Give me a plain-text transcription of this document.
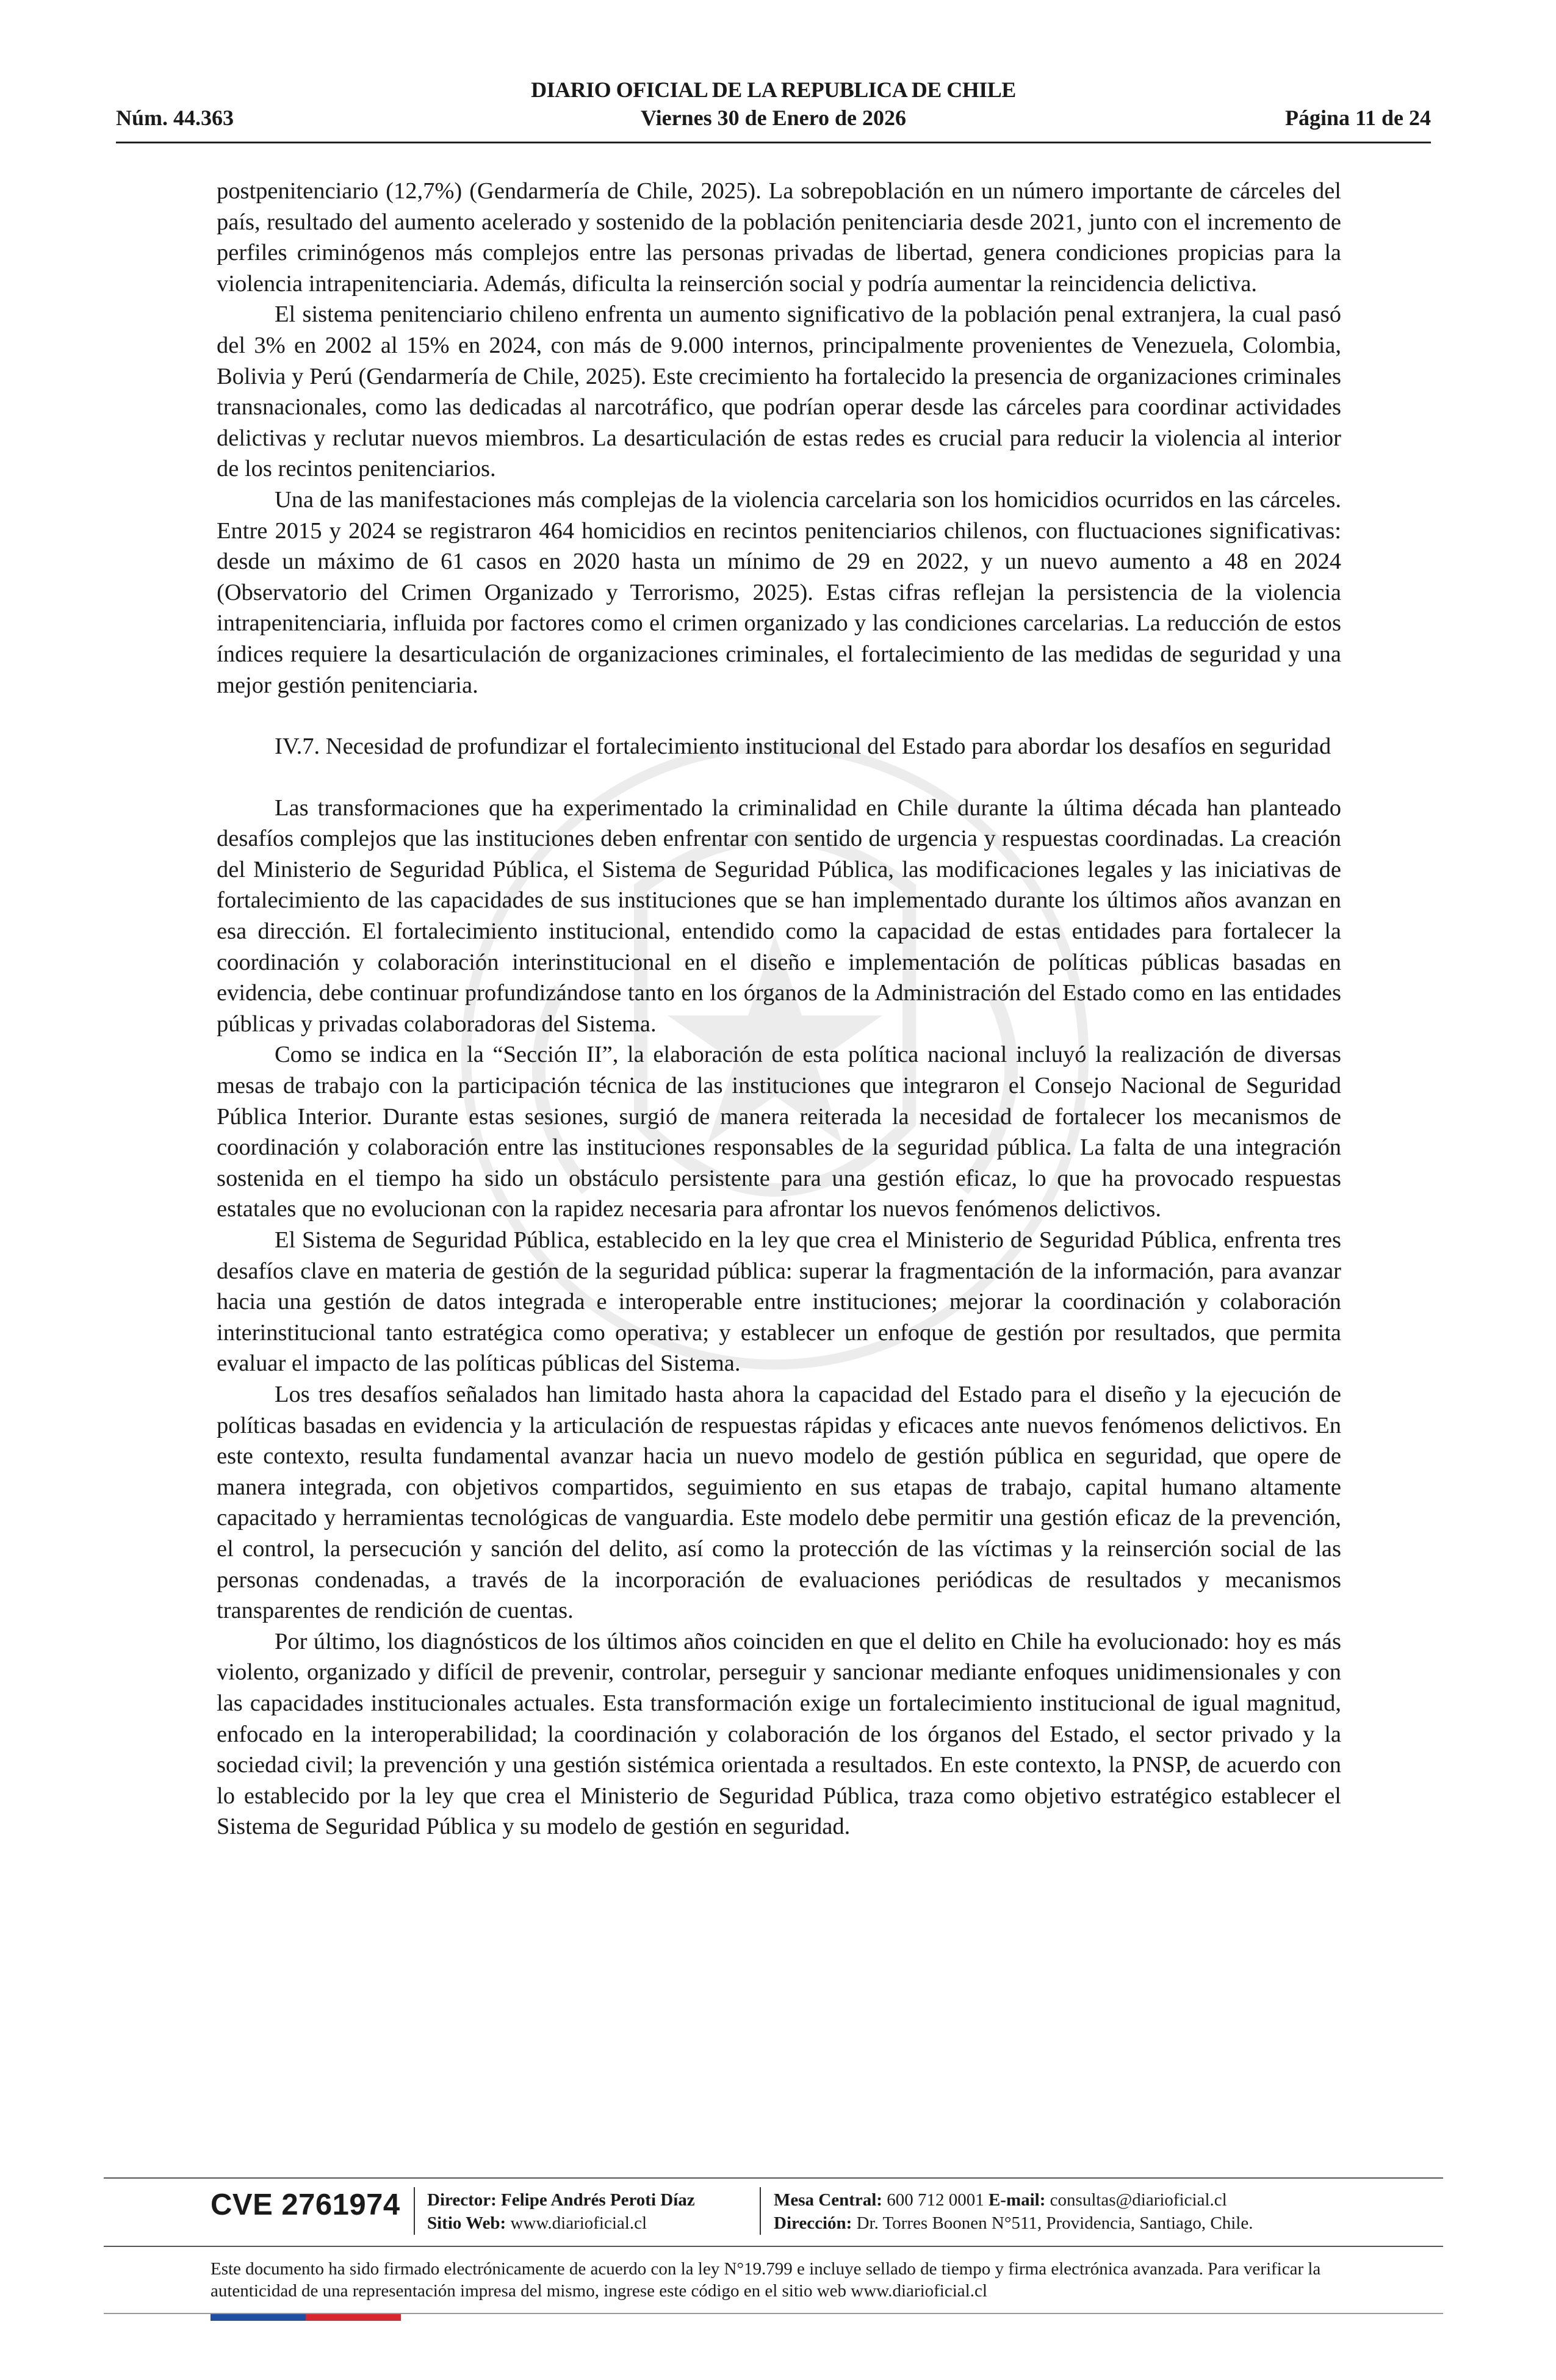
DIARIO OFICIAL DE LA REPUBLICA DE CHILE
Núm. 44.363	Viernes 30 de Enero de 2026	Página 11 de 24

postpenitenciario (12,7%) (Gendarmería de Chile, 2025). La sobrepoblación en un número importante de cárceles del país, resultado del aumento acelerado y sostenido de la población penitenciaria desde 2021, junto con el incremento de perfiles criminógenos más complejos entre las personas privadas de libertad, genera condiciones propicias para la violencia intrapenitenciaria. Además, dificulta la reinserción social y podría aumentar la reincidencia delictiva.

El sistema penitenciario chileno enfrenta un aumento significativo de la población penal extranjera, la cual pasó del 3% en 2002 al 15% en 2024, con más de 9.000 internos, principalmente provenientes de Venezuela, Colombia, Bolivia y Perú (Gendarmería de Chile, 2025). Este crecimiento ha fortalecido la presencia de organizaciones criminales transnacionales, como las dedicadas al narcotráfico, que podrían operar desde las cárceles para coordinar actividades delictivas y reclutar nuevos miembros. La desarticulación de estas redes es crucial para reducir la violencia al interior de los recintos penitenciarios.

Una de las manifestaciones más complejas de la violencia carcelaria son los homicidios ocurridos en las cárceles. Entre 2015 y 2024 se registraron 464 homicidios en recintos penitenciarios chilenos, con fluctuaciones significativas: desde un máximo de 61 casos en 2020 hasta un mínimo de 29 en 2022, y un nuevo aumento a 48 en 2024 (Observatorio del Crimen Organizado y Terrorismo, 2025). Estas cifras reflejan la persistencia de la violencia intrapenitenciaria, influida por factores como el crimen organizado y las condiciones carcelarias. La reducción de estos índices requiere la desarticulación de organizaciones criminales, el fortalecimiento de las medidas de seguridad y una mejor gestión penitenciaria.

IV.7. Necesidad de profundizar el fortalecimiento institucional del Estado para abordar los desafíos en seguridad

Las transformaciones que ha experimentado la criminalidad en Chile durante la última década han planteado desafíos complejos que las instituciones deben enfrentar con sentido de urgencia y respuestas coordinadas. La creación del Ministerio de Seguridad Pública, el Sistema de Seguridad Pública, las modificaciones legales y las iniciativas de fortalecimiento de las capacidades de sus instituciones que se han implementado durante los últimos años avanzan en esa dirección. El fortalecimiento institucional, entendido como la capacidad de estas entidades para fortalecer la coordinación y colaboración interinstitucional en el diseño e implementación de políticas públicas basadas en evidencia, debe continuar profundizándose tanto en los órganos de la Administración del Estado como en las entidades públicas y privadas colaboradoras del Sistema.

Como se indica en la “Sección II”, la elaboración de esta política nacional incluyó la realización de diversas mesas de trabajo con la participación técnica de las instituciones que integraron el Consejo Nacional de Seguridad Pública Interior. Durante estas sesiones, surgió de manera reiterada la necesidad de fortalecer los mecanismos de coordinación y colaboración entre las instituciones responsables de la seguridad pública. La falta de una integración sostenida en el tiempo ha sido un obstáculo persistente para una gestión eficaz, lo que ha provocado respuestas estatales que no evolucionan con la rapidez necesaria para afrontar los nuevos fenómenos delictivos.

El Sistema de Seguridad Pública, establecido en la ley que crea el Ministerio de Seguridad Pública, enfrenta tres desafíos clave en materia de gestión de la seguridad pública: superar la fragmentación de la información, para avanzar hacia una gestión de datos integrada e interoperable entre instituciones; mejorar la coordinación y colaboración interinstitucional tanto estratégica como operativa; y establecer un enfoque de gestión por resultados, que permita evaluar el impacto de las políticas públicas del Sistema.

Los tres desafíos señalados han limitado hasta ahora la capacidad del Estado para el diseño y la ejecución de políticas basadas en evidencia y la articulación de respuestas rápidas y eficaces ante nuevos fenómenos delictivos. En este contexto, resulta fundamental avanzar hacia un nuevo modelo de gestión pública en seguridad, que opere de manera integrada, con objetivos compartidos, seguimiento en sus etapas de trabajo, capital humano altamente capacitado y herramientas tecnológicas de vanguardia. Este modelo debe permitir una gestión eficaz de la prevención, el control, la persecución y sanción del delito, así como la protección de las víctimas y la reinserción social de las personas condenadas, a través de la incorporación de evaluaciones periódicas de resultados y mecanismos transparentes de rendición de cuentas.

Por último, los diagnósticos de los últimos años coinciden en que el delito en Chile ha evolucionado: hoy es más violento, organizado y difícil de prevenir, controlar, perseguir y sancionar mediante enfoques unidimensionales y con las capacidades institucionales actuales. Esta transformación exige un fortalecimiento institucional de igual magnitud, enfocado en la interoperabilidad; la coordinación y colaboración de los órganos del Estado, el sector privado y la sociedad civil; la prevención y una gestión sistémica orientada a resultados. En este contexto, la PNSP, de acuerdo con lo establecido por la ley que crea el Ministerio de Seguridad Pública, traza como objetivo estratégico establecer el Sistema de Seguridad Pública y su modelo de gestión en seguridad.

CVE 2761974 Director: Felipe Andrés Peroti Díaz
Sitio Web: www.diarioficial.cl
Mesa Central: 600 712 0001 E-mail: consultas@diarioficial.cl
Dirección: Dr. Torres Boonen N°511, Providencia, Santiago, Chile.
Este documento ha sido firmado electrónicamente de acuerdo con la ley N°19.799 e incluye sellado de tiempo y firma electrónica avanzada. Para verificar la autenticidad de una representación impresa del mismo, ingrese este código en el sitio web www.diarioficial.cl
